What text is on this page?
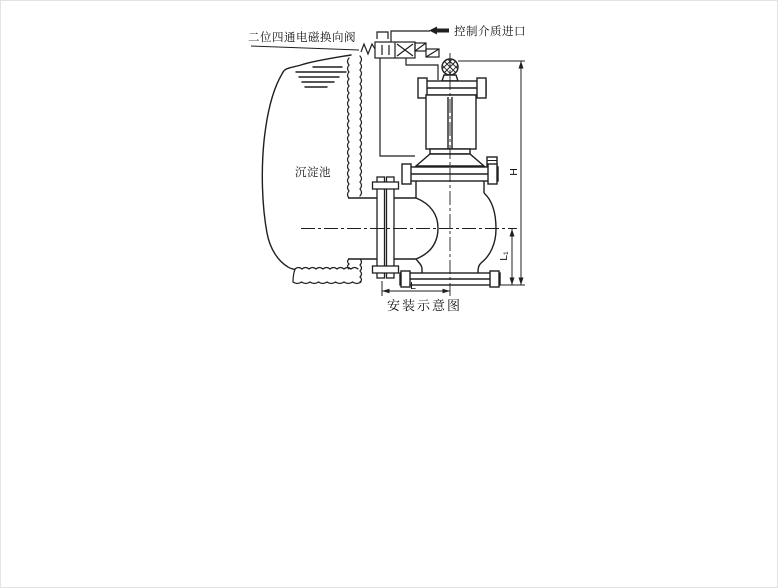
二位四通电磁换向阀	控制介质进口
沉淀池	H
L₁
L
安装示意图
